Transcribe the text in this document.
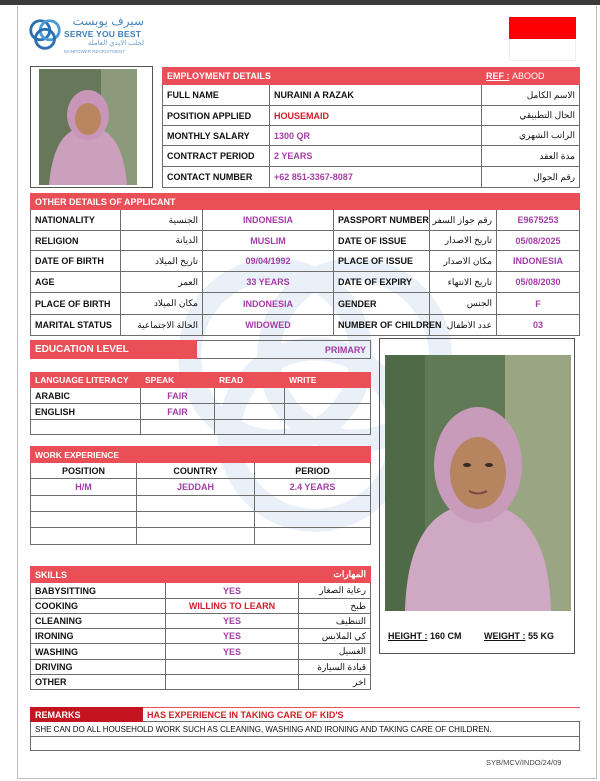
سيرف يوبست
SERVE YOU BEST
لجلب الايدي العاملة
MANPOWER RECRUITMENT
EMPLOYMENT DETAILS		REF : ABOOD
FULL NAME	NURAINI A RAZAK	الاسم الكامل
POSITION APPLIED	HOUSEMAID	الحال التطبيقي
MONTHLY SALARY	1300 QR	الراتب الشهري
CONTRACT PERIOD	2 YEARS	مدة العقد
CONTACT NUMBER	+62 851-3367-8087	رقم الجوال
OTHER DETAILS OF APPLICANT					
NATIONALITY	الجنسية	INDONESIA	PASSPORT NUMBER	رقم جواز السفر	E9675253
RELIGION	الديانة	MUSLIM	DATE OF ISSUE	تاريخ الاصدار	05/08/2025
DATE OF BIRTH	تاريخ الميلاد	09/04/1992	PLACE OF ISSUE	مكان الاصدار	INDONESIA
AGE	العمر	33 YEARS	DATE OF EXPIRY	تاريخ الانتهاء	05/08/2030
PLACE OF BIRTH	مكان الميلاد	INDONESIA	GENDER	الجنس	F
MARITAL STATUS	الحالة الاجتماعية	WIDOWED	NUMBER OF CHILDREN	عدد الاطفال	03
EDUCATION LEVEL	PRIMARY
LANGUAGE LITERACY	SPEAK	READ	WRITE
ARABIC	FAIR		
ENGLISH	FAIR		

WORK EXPERIENCE		
POSITION	COUNTRY	PERIOD
H/M	JEDDAH	2.4 YEARS

SKILLS		المهارات
BABYSITTING	YES	رعاية الصغار
COOKING	WILLING TO LEARN	طبخ
CLEANING	YES	التنظيف
IRONING	YES	كي الملابس
WASHING	YES	الغسيل
DRIVING		قيادة السيارة
OTHER		اخر
HEIGHT : 160 CM WEIGHT : 55 KG
REMARKS	HAS EXPERIENCE IN TAKING CARE OF KID'S
SHE CAN DO ALL HOUSEHOLD WORK SUCH AS CLEANING, WASHING AND IRONING AND TAKING CARE OF CHILDREN.

SYB/MCV/INDO/24/09
